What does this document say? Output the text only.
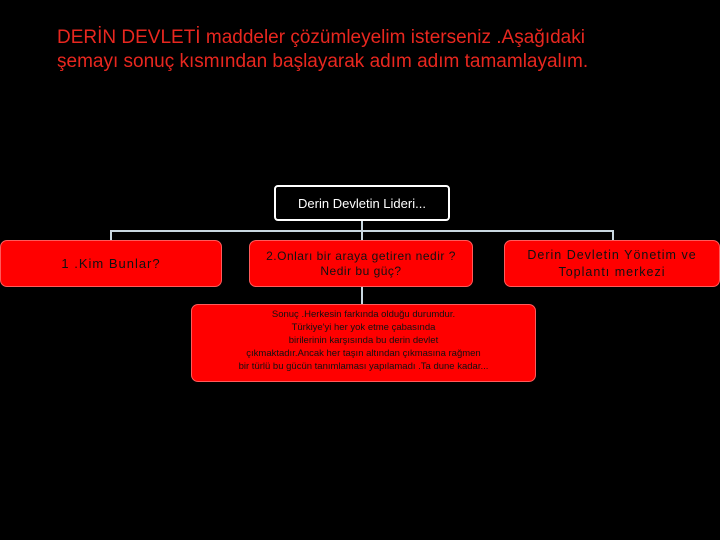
DERİN DEVLETİ maddeler çözümleyelim isterseniz .Aşağıdaki
şemayı sonuç kısmından başlayarak adım adım tamamlayalım.
Derin Devletin Lideri...
1 .Kim Bunlar?
2.Onları bir araya getiren nedir ? Nedir bu güç?
Derin Devletin Yönetim ve Toplantı merkezi
Sonuç .Herkesin farkında olduğu durumdur.
Türkiye'yi her yok etme çabasında
birilerinin karşısında bu derin devlet
çıkmaktadır.Ancak her taşın altından çıkmasına rağmen
bir türlü bu gücün tanımlaması yapılamadı .Ta dune kadar...
